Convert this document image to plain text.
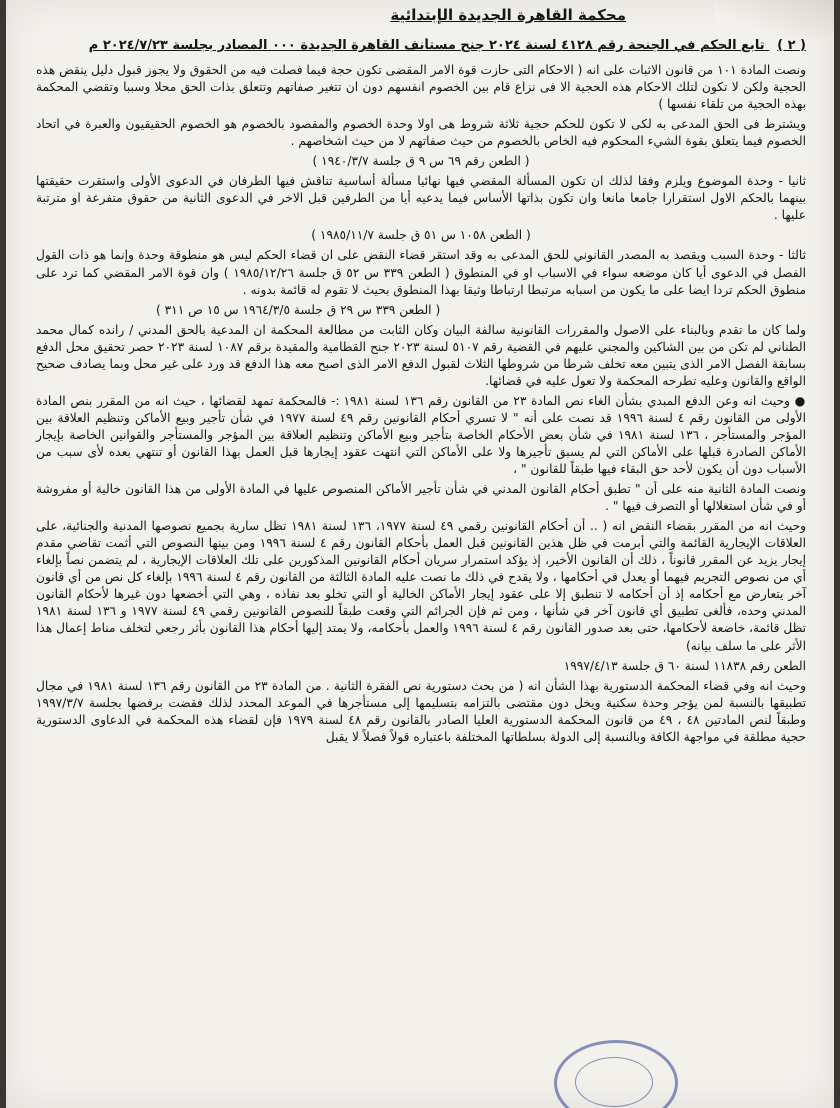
محكمة القاهرة الجديدة الإبتدائية
( ٢ ) تابع الحكم في الجنحة رقم ٤١٢٨ لسنة ٢٠٢٤ جنح مستأنف القاهرة الجديدة ٠٠٠ المصادر بجلسة ٢٠٢٤/٧/٢٣ م

ونصت المادة ١٠١ من قانون الاثبات على انه ( الاحكام التى حازت قوة الامر المقضى تكون حجة فيما فصلت فيه من الحقوق ولا يجوز قبول دليل ينقض هذه الحجية ولكن لا تكون لتلك الاحكام هذه الحجية الا فى نزاع قام بين الخصوم انفسهم دون ان تتغير صفاتهم وتتعلق بذات الحق محلا وسببا وتقضي المحكمة بهذه الحجية من تلقاء نفسها )

ويشترط فى الحق المدعى به لكى لا تكون للحكم حجية ثلاثة شروط هى اولا وحدة الخصوم والمقصود بالخصوم هو الخصوم الحقيقيون والعبرة في اتحاد الخصوم فيما يتعلق بقوة الشيء المحكوم فيه الخاص بالخصوم من حيث صفاتهم لا من حيث اشخاصهم .

( الطعن رقم ٦٩ س ٩ ق جلسة ١٩٤٠/٣/٧ )

ثانيا - وحدة الموضوع ويلزم وفقا لذلك ان تكون المسألة المقضي فيها نهائيا مسألة أساسية تناقش فيها الطرفان في الدعوى الأولى واستقرت حقيقتها بينهما بالحكم الاول استقرارا جامعا مانعا وان تكون بذاتها الأساس فيما يدعيه أيا من الطرفين قبل الاخر في الدعوى الثانية من حقوق متفرعة او مترتبة عليها .

( الطعن ١٠٥٨ س ٥١ ق جلسة ١٩٨٥/١١/٧ )

ثالثا - وحدة السبب ويقصد به المصدر القانوني للحق المدعى به وقد استقر قضاء النقض على ان قضاء الحكم ليس هو منطوقة وحدة وإنما هو ذات القول الفصل في الدعوى أيا كان موضعه سواء في الاسباب او في المنطوق ( الطعن ٣٣٩ س ٥٢ ق جلسة ١٩٨٥/١٢/٢٦ ) وان قوة الامر المقضي كما ترد على منطوق الحكم تردا ايضا على ما يكون من اسبابه مرتبطا ارتباطا وثيقا بهذا المنطوق بحيث لا تقوم له قائمة بدونه .

( الطعن ٣٣٩ س ٢٩ ق جلسة ١٩٦٤/٣/٥ س ١٥ ص ٣١١ )

ولما كان ما تقدم وبالبناء على الاصول والمقررات القانونية سالفة البيان وكان الثابت من مطالعة المحكمة ان المدعية بالحق المدني / رانده كمال محمد الطناني لم تكن من بين الشاكين والمجني عليهم في القضية رقم ٥١٠٧ لسنة ٢٠٢٣ جنح القطامية والمقيدة برقم ١٠٨٧ لسنة ٢٠٢٣ حصر تحقيق محل الدفع بسابقة الفصل الامر الذى يتبين معه تخلف شرطا من شروطها الثلاث لقبول الدفع الامر الذى اصبح معه هذا الدفع قد ورد على غير محل وبما يصادف صحيح الواقع والقانون وعليه تطرحه المحكمة ولا تعول عليه في قضائها.

● وحيث انه وعن الدفع المبدي بشأن الغاء نص المادة ٢٣ من القانون رقم ١٣٦ لسنة ١٩٨١ :- فالمحكمة تمهد لقضائها ، حيث انه من المقرر بنص المادة الأولى من القانون رقم ٤ لسنة ١٩٩٦ قد نصت على أنه " لا تسري أحكام القانونين رقم ٤٩ لسنة ١٩٧٧ في شأن تأجير وبيع الأماكن وتنظيم العلاقة بين المؤجر والمستأجر ، ١٣٦ لسنة ١٩٨١ في شأن بعض الأحكام الخاصة بتأجير وبيع الأماكن وتنظيم العلاقة بين المؤجر والمستأجر والقوانين الخاصة بإيجار الأماكن الصادرة قبلها على الأماكن التي لم يسبق تأجيرها ولا على الأماكن التي انتهت عقود إيجارها قبل العمل بهذا القانون أو تنتهي بعده لأى سبب من الأسباب دون أن يكون لأحد حق البقاء فيها طبقاً للقانون " ،

ونصت المادة الثانية منه على أن " تطبق أحكام القانون المدني في شأن تأجير الأماكن المنصوص عليها في المادة الأولى من هذا القانون خالية أو مفروشة أو في شأن استغلالها أو التصرف فيها " .

وحيث انه من المقرر بقضاء النقض انه ( .. أن أحكام القانونين رقمي ٤٩ لسنة ١٩٧٧، ١٣٦ لسنة ١٩٨١ تظل سارية بجميع نصوصها المدنية والجنائية، على العلاقات الإيجارية القائمة والتي أبرمت في ظل هذين القانونين قبل العمل بأحكام القانون رقم ٤ لسنة ١٩٩٦ ومن بينها النصوص التي أثمت تقاضي مقدم إيجار يزيد عن المقرر قانوناً ، ذلك أن القانون الأخير، إذ يؤكد استمرار سريان أحكام القانونين المذكورين على تلك العلاقات الإيجارية ، لم يتضمن نصاً بإلغاء أي من نصوص التجريم فيهما أو يعدل في أحكامها ، ولا يقدح في ذلك ما نصت عليه المادة الثالثة من القانون رقم ٤ لسنة ١٩٩٦ بإلغاء كل نص من أي قانون آخر يتعارض مع أحكامه إذ أن أحكامه لا تنطبق إلا على عقود إيجار الأماكن الخالية أو التي تخلو بعد نفاذه ، وهي التي أخضعها دون غيرها لأحكام القانون المدني وحده، فألغى تطبيق أي قانون آخر في شأنها ، ومن ثم فإن الجرائم التي وقعت طبقاً للنصوص القانونين رقمي ٤٩ لسنة ١٩٧٧ و ١٣٦ لسنة ١٩٨١ تظل قائمة، خاضعة لأحكامها، حتى بعد صدور القانون رقم ٤ لسنة ١٩٩٦ والعمل بأحكامه، ولا يمتد إليها أحكام هذا القانون بأثر رجعي لتخلف مناط إعمال هذا الأثر على ما سلف بيانه)

الطعن رقم ١١٨٣٨ لسنة ٦٠ ق جلسة ١٩٩٧/٤/١٣

وحيث انه وفي قضاء المحكمة الدستورية بهذا الشأن انه ( من بحث دستورية نص الفقرة الثانية . من المادة ٢٣ من القانون رقم ١٣٦ لسنة ١٩٨١ في مجال تطبيقها بالنسبة لمن يؤجر وحدة سكنية ويخل دون مقتضى بالتزامه بتسليمها إلى مستأجرها في الموعد المحدد لذلك فقضت برفضها بجلسة ١٩٩٧/٣/٧ وطبقاً لنص المادتين ٤٨ ، ٤٩ من قانون المحكمة الدستورية العليا الصادر بالقانون رقم ٤٨ لسنة ١٩٧٩ فإن لقضاء هذه المحكمة في الدعاوى الدستورية حجية مطلقة في مواجهة الكافة وبالنسبة إلى الدولة بسلطاتها المختلفة باعتباره قولاً فصلاً لا يقبل
